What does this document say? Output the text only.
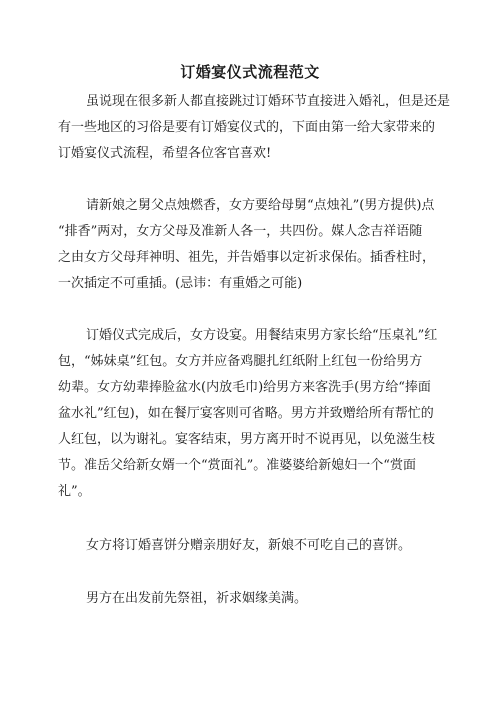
订婚宴仪式流程范文
虽说现在很多新人都直接跳过订婚环节直接进入婚礼，但是还是
有一些地区的习俗是要有订婚宴仪式的，下面由第一给大家带来的
订婚宴仪式流程，希望各位客官喜欢!
请新娘之舅父点烛燃香，女方要给母舅“点烛礼”(男方提供)点
“排香”两对，女方父母及准新人各一，共四份。媒人念吉祥语随
之由女方父母拜神明、祖先，并告婚事以定祈求保佑。插香柱时，
一次插定不可重插。(忌讳：有重婚之可能)
订婚仪式完成后，女方设宴。用餐结束男方家长给“压桌礼”红
包，“姊妹桌”红包。女方并应备鸡腿扎红纸附上红包一份给男方
幼辈。女方幼辈捧脸盆水(内放毛巾)给男方来客洗手(男方给“捧面
盆水礼”红包)，如在餐厅宴客则可省略。男方并致赠给所有帮忙的
人红包，以为谢礼。宴客结束，男方离开时不说再见，以免滋生枝
节。准岳父给新女婿一个“赏面礼”。准婆婆给新媳妇一个“赏面
礼”。
女方将订婚喜饼分赠亲朋好友，新娘不可吃自己的喜饼。
男方在出发前先祭祖，祈求姻缘美满。
